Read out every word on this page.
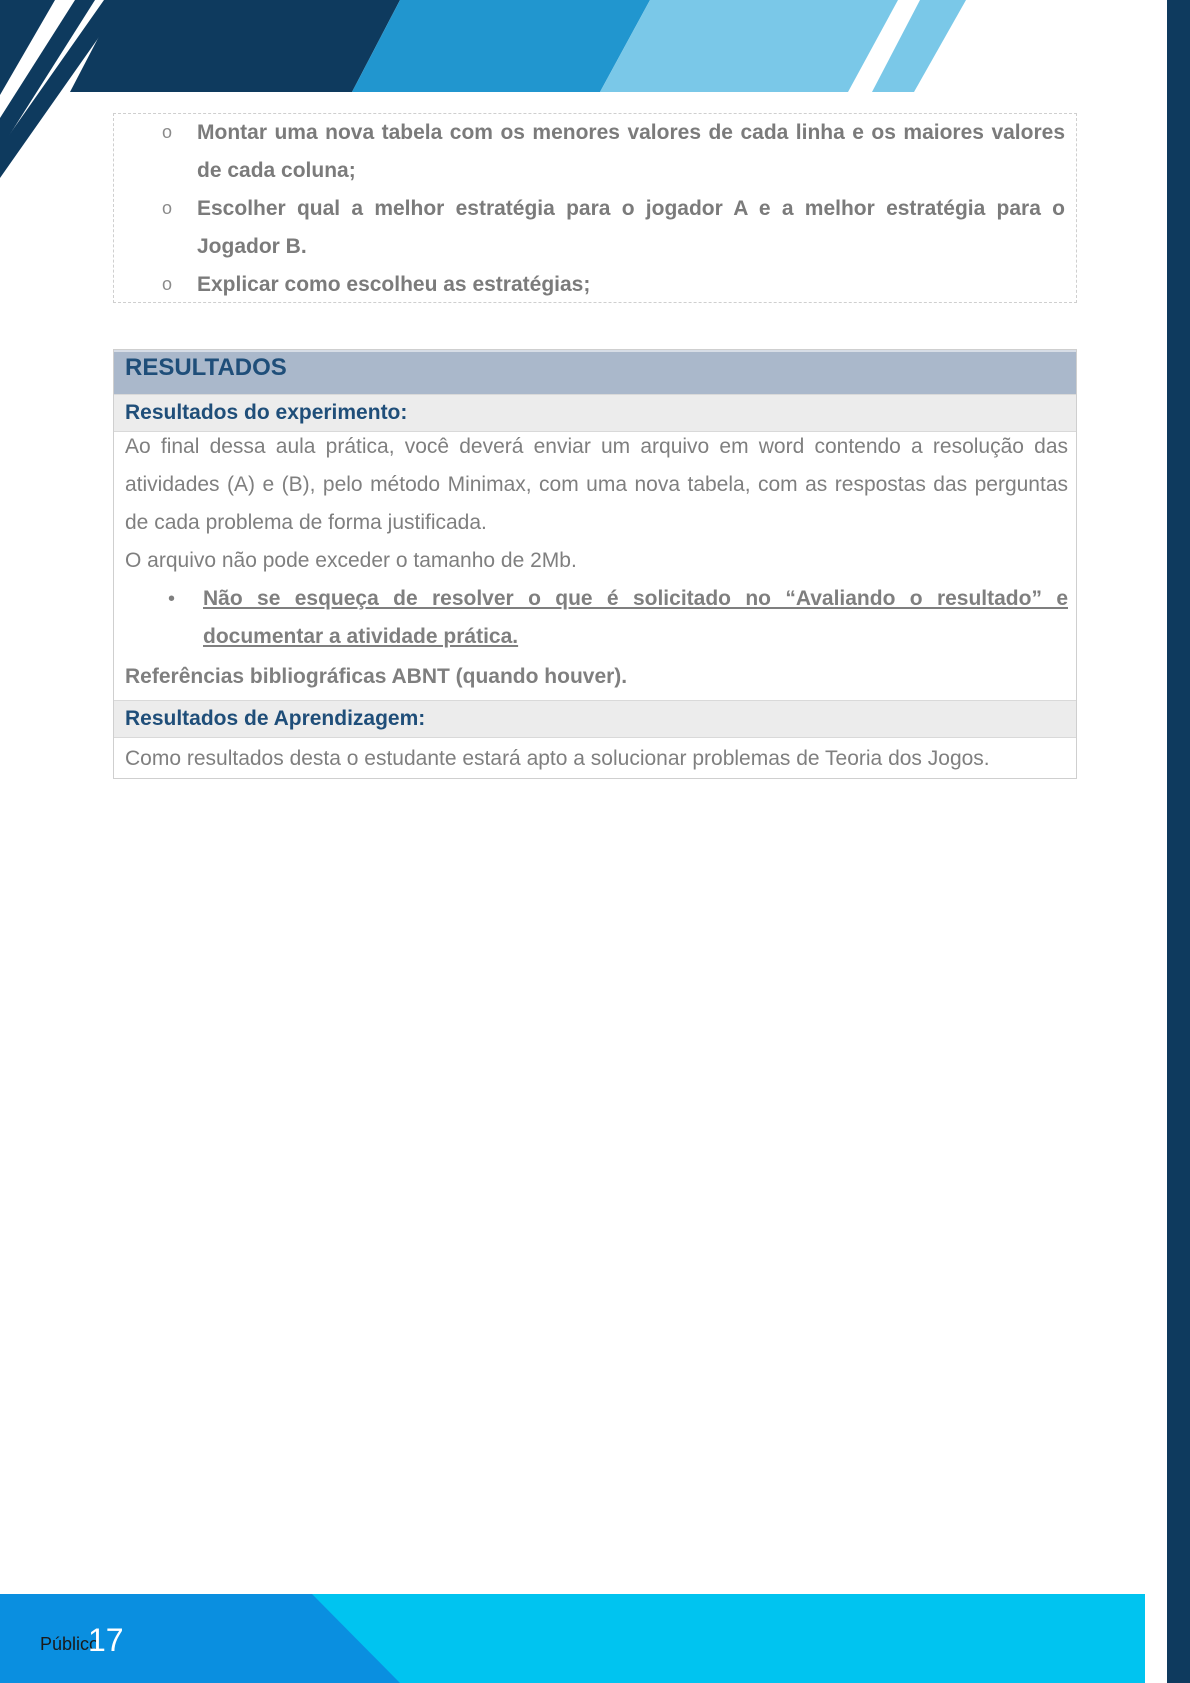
o Montar uma nova tabela com os menores valores de cada linha e os maiores valores de cada coluna;
o Escolher qual a melhor estratégia para o jogador A e a melhor estratégia para o Jogador B.
o Explicar como escolheu as estratégias;
RESULTADOS
Resultados do experimento:
Ao final dessa aula prática, você deverá enviar um arquivo em word contendo a resolução das atividades (A) e (B), pelo método Minimax, com uma nova tabela, com as respostas das perguntas de cada problema de forma justificada.
O arquivo não pode exceder o tamanho de 2Mb.
• Não se esqueça de resolver o que é solicitado no “Avaliando o resultado” e documentar a atividade prática.
Referências bibliográficas ABNT (quando houver).
Resultados de Aprendizagem:
Como resultados desta o estudante estará apto a solucionar problemas de Teoria dos Jogos.
Público
17
